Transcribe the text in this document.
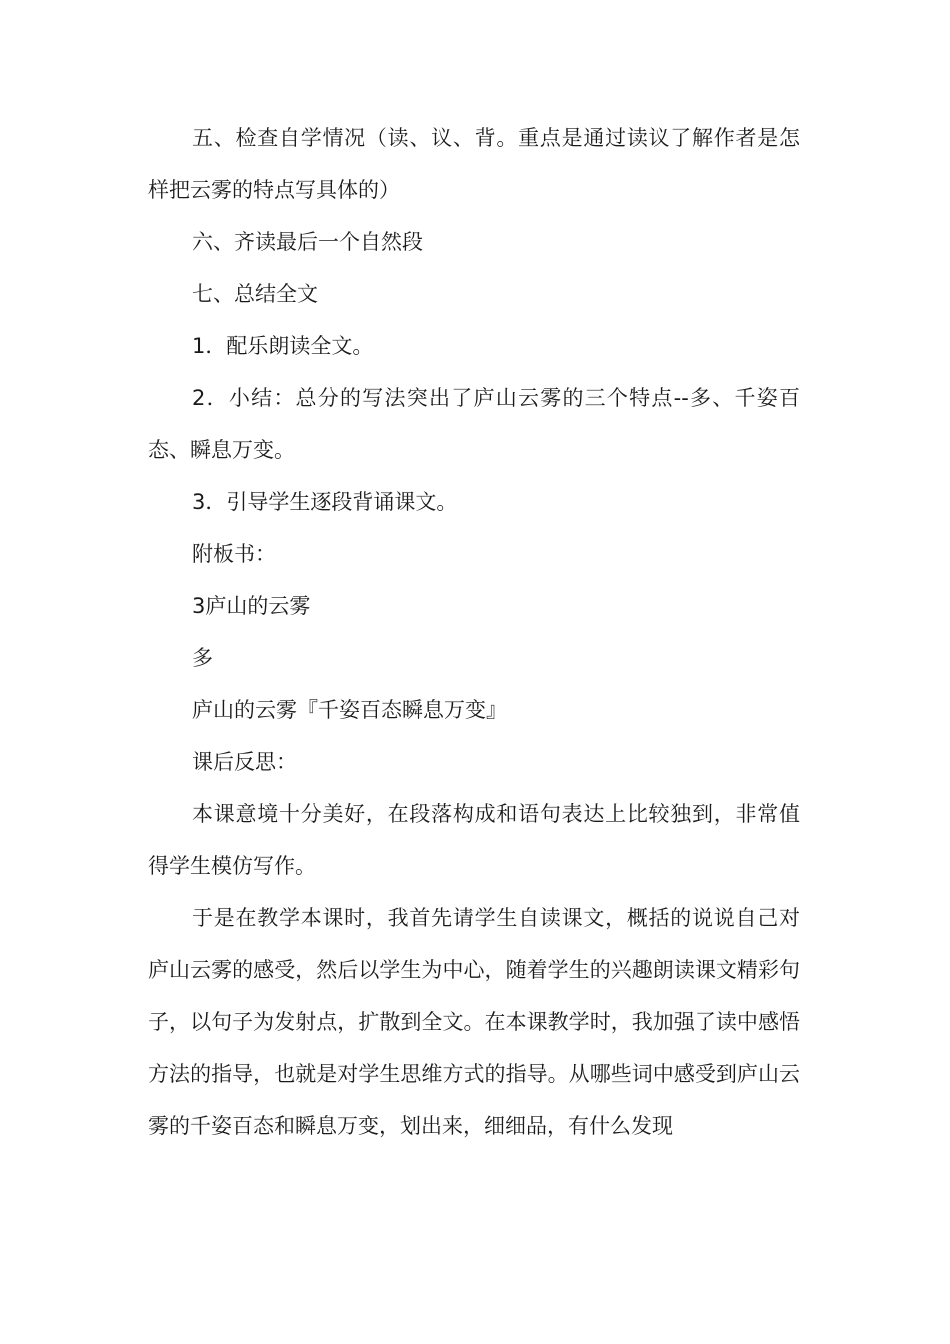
五、检查自学情况（读、议、背。重点是通过读议了解作者是怎样把云雾的特点写具体的）

六、齐读最后一个自然段

七、总结全文

1．配乐朗读全文。

2．小结：总分的写法突出了庐山云雾的三个特点--多、千姿百态、瞬息万变。

3．引导学生逐段背诵课文。

附板书：

3庐山的云雾

多

庐山的云雾『千姿百态瞬息万变』

课后反思：

本课意境十分美好，在段落构成和语句表达上比较独到，非常值得学生模仿写作。

于是在教学本课时，我首先请学生自读课文，概括的说说自己对庐山云雾的感受，然后以学生为中心，随着学生的兴趣朗读课文精彩句子，以句子为发射点，扩散到全文。在本课教学时，我加强了读中感悟方法的指导，也就是对学生思维方式的指导。从哪些词中感受到庐山云雾的千姿百态和瞬息万变，划出来，细细品，有什么发现
